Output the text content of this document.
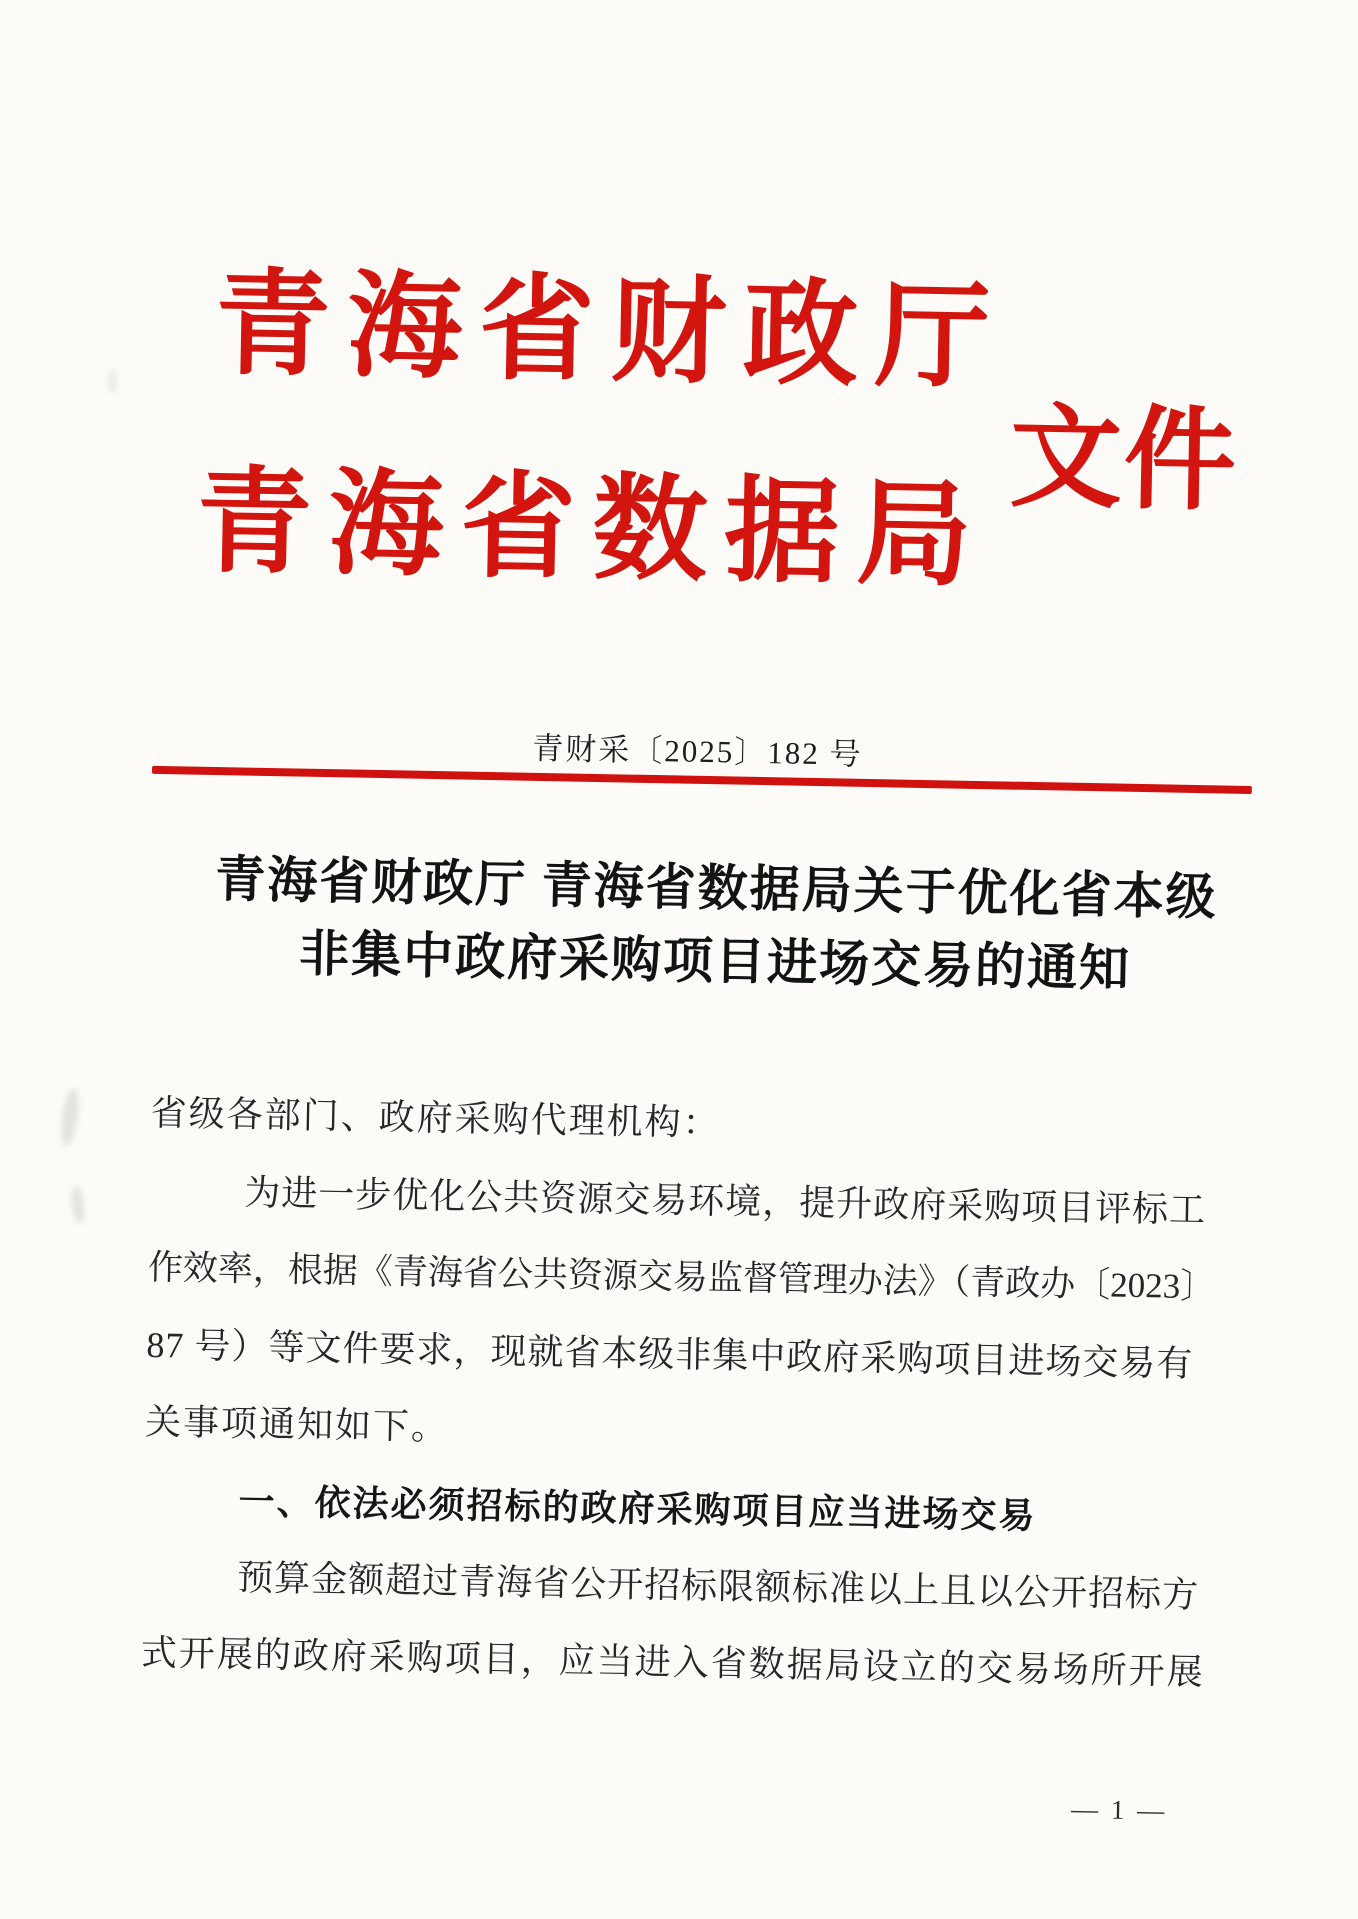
青海省财政厅
青海省数据局 文件
青财采〔2025〕182 号
青海省财政厅 青海省数据局关于优化省本级
非集中政府采购项目进场交易的通知
省级各部门、政府采购代理机构：
为进一步优化公共资源交易环境，提升政府采购项目评标工
作效率，根据《青海省公共资源交易监督管理办法》（青政办〔2023〕
87 号）等文件要求，现就省本级非集中政府采购项目进场交易有
关事项通知如下。
一、依法必须招标的政府采购项目应当进场交易
预算金额超过青海省公开招标限额标准以上且以公开招标方
式开展的政府采购项目，应当进入省数据局设立的交易场所开展
— 1 —
